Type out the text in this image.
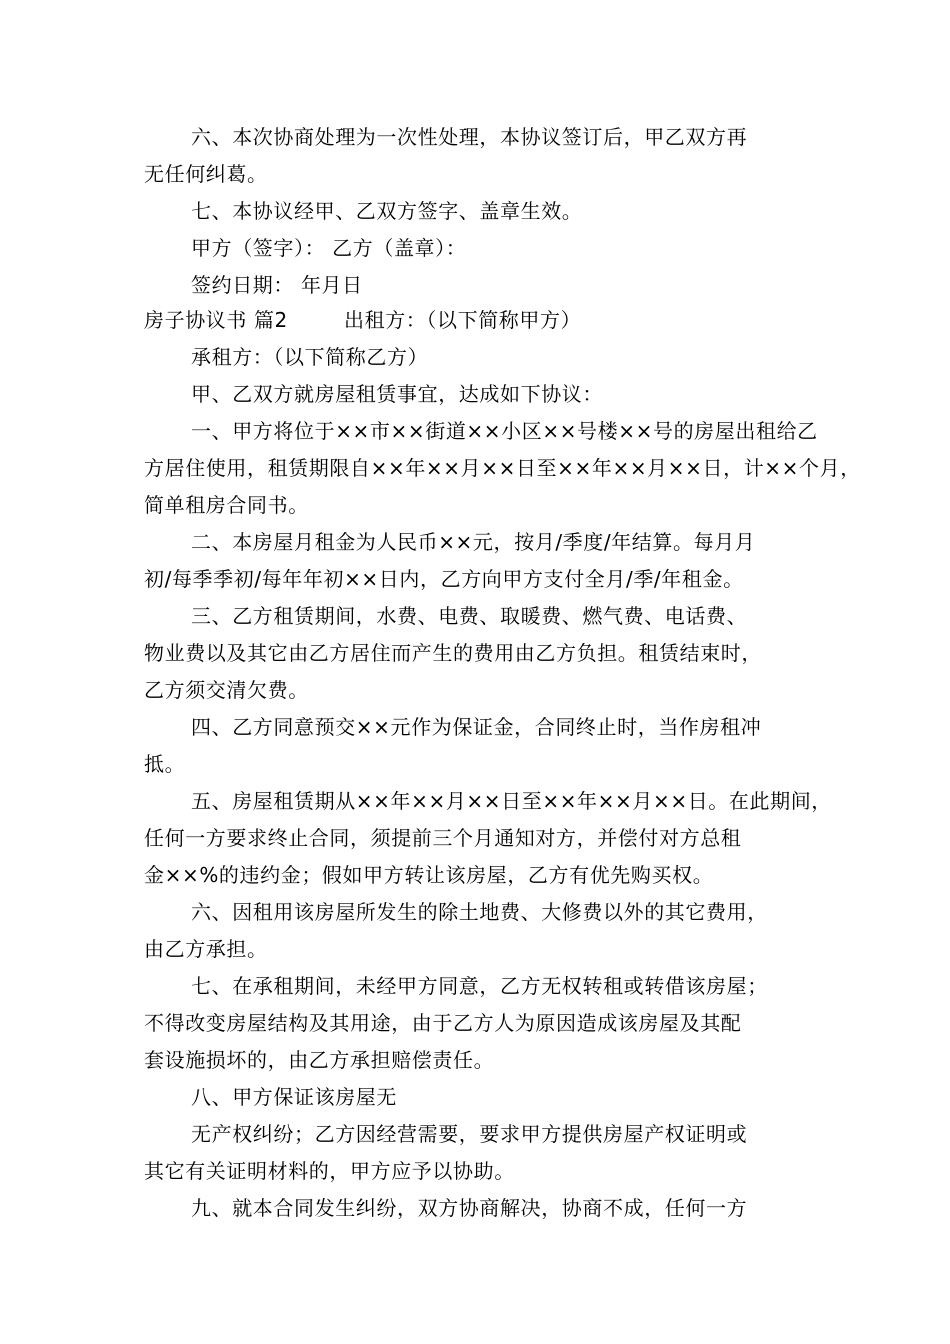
六、本次协商处理为一次性处理，本协议签订后，甲乙双方再
无任何纠葛。
七、本协议经甲、乙双方签字、盖章生效。
甲方（签字）： 乙方（盖章）：
签约日期： 年月日
房子协议书 篇2	出租方：（以下简称甲方）
承租方：（以下简称乙方）
甲、乙双方就房屋租赁事宜，达成如下协议：
一、甲方将位于××市××街道××小区××号楼××号的房屋出租给乙
方居住使用，租赁期限自××年××月××日至××年××月××日，计××个月，
简单租房合同书。
二、本房屋月租金为人民币××元，按月/季度/年结算。每月月
初/每季季初/每年年初××日内，乙方向甲方支付全月/季/年租金。
三、乙方租赁期间，水费、电费、取暖费、燃气费、电话费、
物业费以及其它由乙方居住而产生的费用由乙方负担。租赁结束时，
乙方须交清欠费。
四、乙方同意预交××元作为保证金，合同终止时，当作房租冲
抵。
五、房屋租赁期从××年××月××日至××年××月××日。在此期间，
任何一方要求终止合同，须提前三个月通知对方，并偿付对方总租
金××%的违约金；假如甲方转让该房屋，乙方有优先购买权。
六、因租用该房屋所发生的除土地费、大修费以外的其它费用，
由乙方承担。
七、在承租期间，未经甲方同意，乙方无权转租或转借该房屋；
不得改变房屋结构及其用途，由于乙方人为原因造成该房屋及其配
套设施损坏的，由乙方承担赔偿责任。
八、甲方保证该房屋无
无产权纠纷；乙方因经营需要，要求甲方提供房屋产权证明或
其它有关证明材料的，甲方应予以协助。
九、就本合同发生纠纷，双方协商解决，协商不成，任何一方
